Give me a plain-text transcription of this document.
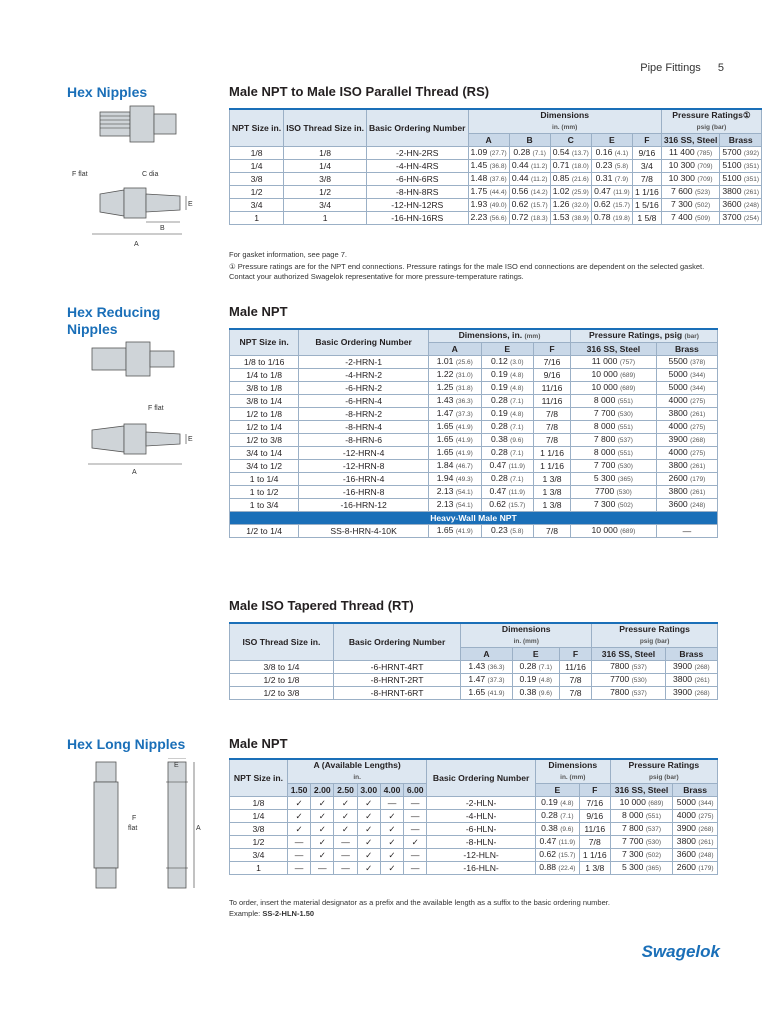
Pipe Fittings 5
Hex Nipples
F flat	C dia
E
B
A
Male NPT to Male ISO Parallel Thread (RS)
NPT Size in.	ISO Thread Size in.	Basic Ordering Number	Dimensions
in. (mm)					Pressure Ratings①
psig (bar)	
			A	B	C	E	F	316 SS, Steel	Brass
1/8	1/8	-2-HN-2RS	1.09 (27.7)	0.28 (7.1)	0.54 (13.7)	0.16 (4.1)	9/16	11 400 (785)	5700 (392)
1/4	1/4	-4-HN-4RS	1.45 (36.8)	0.44 (11.2)	0.71 (18.0)	0.23 (5.8)	3/4	10 300 (709)	5100 (351)
3/8	3/8	-6-HN-6RS	1.48 (37.6)	0.44 (11.2)	0.85 (21.6)	0.31 (7.9)	7/8	10 300 (709)	5100 (351)
1/2	1/2	-8-HN-8RS	1.75 (44.4)	0.56 (14.2)	1.02 (25.9)	0.47 (11.9)	1 1/16	7 600 (523)	3800 (261)
3/4	3/4	-12-HN-12RS	1.93 (49.0)	0.62 (15.7)	1.26 (32.0)	0.62 (15.7)	1 5/16	7 300 (502)	3600 (248)
1	1	-16-HN-16RS	2.23 (56.6)	0.72 (18.3)	1.53 (38.9)	0.78 (19.8)	1 5/8	7 400 (509)	3700 (254)
For gasket information, see page 7.
① Pressure ratings are for the NPT end connections. Pressure ratings for the male ISO end connections are dependent on the selected gasket. Contact your authorized Swagelok representative for more pressure-temperature ratings.
Hex Reducing Nipples
F flat
E
A
Male NPT
NPT Size in.	Basic Ordering Number	Dimensions, in. (mm)			Pressure Ratings, psig (bar)	
		A	E	F	316 SS, Steel	Brass
1/8 to 1/16	-2-HRN-1	1.01 (25.6)	0.12 (3.0)	7/16	11 000 (757)	5500 (378)
1/4 to 1/8	-4-HRN-2	1.22 (31.0)	0.19 (4.8)	9/16	10 000 (689)	5000 (344)
3/8 to 1/8	-6-HRN-2	1.25 (31.8)	0.19 (4.8)	11/16	10 000 (689)	5000 (344)
3/8 to 1/4	-6-HRN-4	1.43 (36.3)	0.28 (7.1)	11/16	8 000 (551)	4000 (275)
1/2 to 1/8	-8-HRN-2	1.47 (37.3)	0.19 (4.8)	7/8	7 700 (530)	3800 (261)
1/2 to 1/4	-8-HRN-4	1.65 (41.9)	0.28 (7.1)	7/8	8 000 (551)	4000 (275)
1/2 to 3/8	-8-HRN-6	1.65 (41.9)	0.38 (9.6)	7/8	7 800 (537)	3900 (268)
3/4 to 1/4	-12-HRN-4	1.65 (41.9)	0.28 (7.1)	1 1/16	8 000 (551)	4000 (275)
3/4 to 1/2	-12-HRN-8	1.84 (46.7)	0.47 (11.9)	1 1/16	7 700 (530)	3800 (261)
1 to 1/4	-16-HRN-4	1.94 (49.3)	0.28 (7.1)	1 3/8	5 300 (365)	2600 (179)
1 to 1/2	-16-HRN-8	2.13 (54.1)	0.47 (11.9)	1 3/8	7700 (530)	3800 (261)
1 to 3/4	-16-HRN-12	2.13 (54.1)	0.62 (15.7)	1 3/8	7 300 (502)	3600 (248)
Heavy-Wall Male NPT						
1/2 to 1/4	SS-8-HRN-4-10K	1.65 (41.9)	0.23 (5.8)	7/8	10 000 (689)	—
Male ISO Tapered Thread (RT)
ISO Thread Size in.	Basic Ordering Number	Dimensions
in. (mm)			Pressure Ratings
psig (bar)	
		A	E	F	316 SS, Steel	Brass
3/8 to 1/4	-6-HRNT-4RT	1.43 (36.3)	0.28 (7.1)	11/16	7800 (537)	3900 (268)
1/2 to 1/8	-8-HRNT-2RT	1.47 (37.3)	0.19 (4.8)	7/8	7700 (530)	3800 (261)
1/2 to 3/8	-8-HRNT-6RT	1.65 (41.9)	0.38 (9.6)	7/8	7800 (537)	3900 (268)
Hex Long Nipples
E
F
flat	A
Male NPT
NPT Size in.	A (Available Lengths)
in.						Basic Ordering Number	Dimensions
in. (mm)		Pressure Ratings
psig (bar)	
	1.50	2.00	2.50	3.00	4.00	6.00		E	F	316 SS, Steel	Brass
1/8	✓	✓	✓	✓	—	—	-2-HLN-	0.19 (4.8)	7/16	10 000 (689)	5000 (344)
1/4	✓	✓	✓	✓	✓	—	-4-HLN-	0.28 (7.1)	9/16	8 000 (551)	4000 (275)
3/8	✓	✓	✓	✓	✓	—	-6-HLN-	0.38 (9.6)	11/16	7 800 (537)	3900 (268)
1/2	—	✓	—	✓	✓	✓	-8-HLN-	0.47 (11.9)	7/8	7 700 (530)	3800 (261)
3/4	—	✓	—	✓	✓	—	-12-HLN-	0.62 (15.7)	1 1/16	7 300 (502)	3600 (248)
1	—	—	—	✓	✓	—	-16-HLN-	0.88 (22.4)	1 3/8	5 300 (365)	2600 (179)
To order, insert the material designator as a prefix and the available length as a suffix to the basic ordering number.
Example: SS-2-HLN-1.50
Swagelok
